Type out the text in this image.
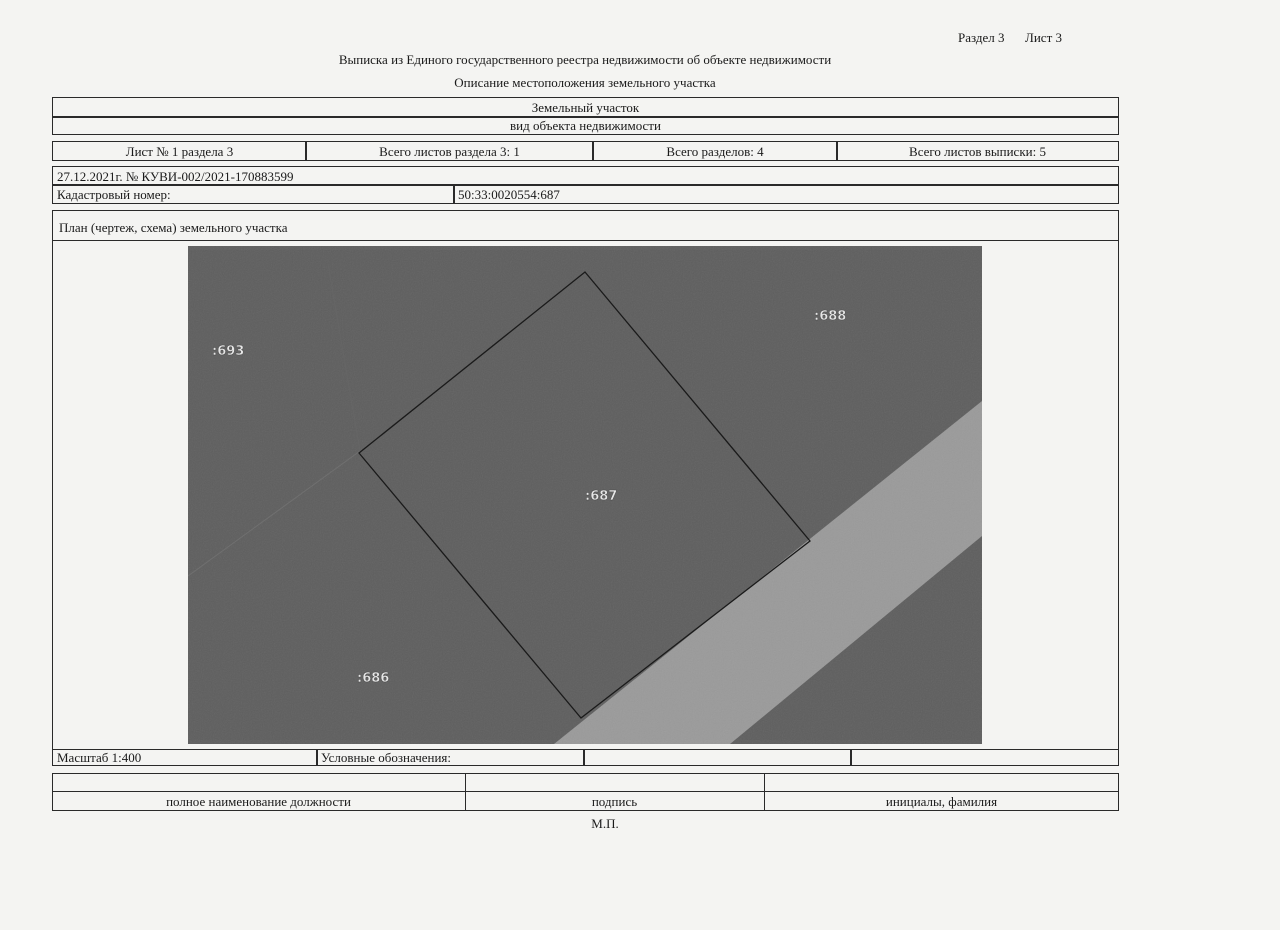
Раздел 3 Лист 3
Выписка из Единого государственного реестра недвижимости об объекте недвижимости
Описание местоположения земельного участка
Земельный участок
вид объекта недвижимости
Лист № 1 раздела 3	Всего листов раздела 3: 1	Всего разделов: 4	Всего листов выписки: 5
27.12.2021г. № КУВИ-002/2021-170883599
Кадастровый номер:	50:33:0020554:687
План (чертеж, схема) земельного участка
:687
:693
:688
:686
Масштаб 1:400	Условные обозначения:
полное наименование должности	подпись	инициалы, фамилия
М.П.
